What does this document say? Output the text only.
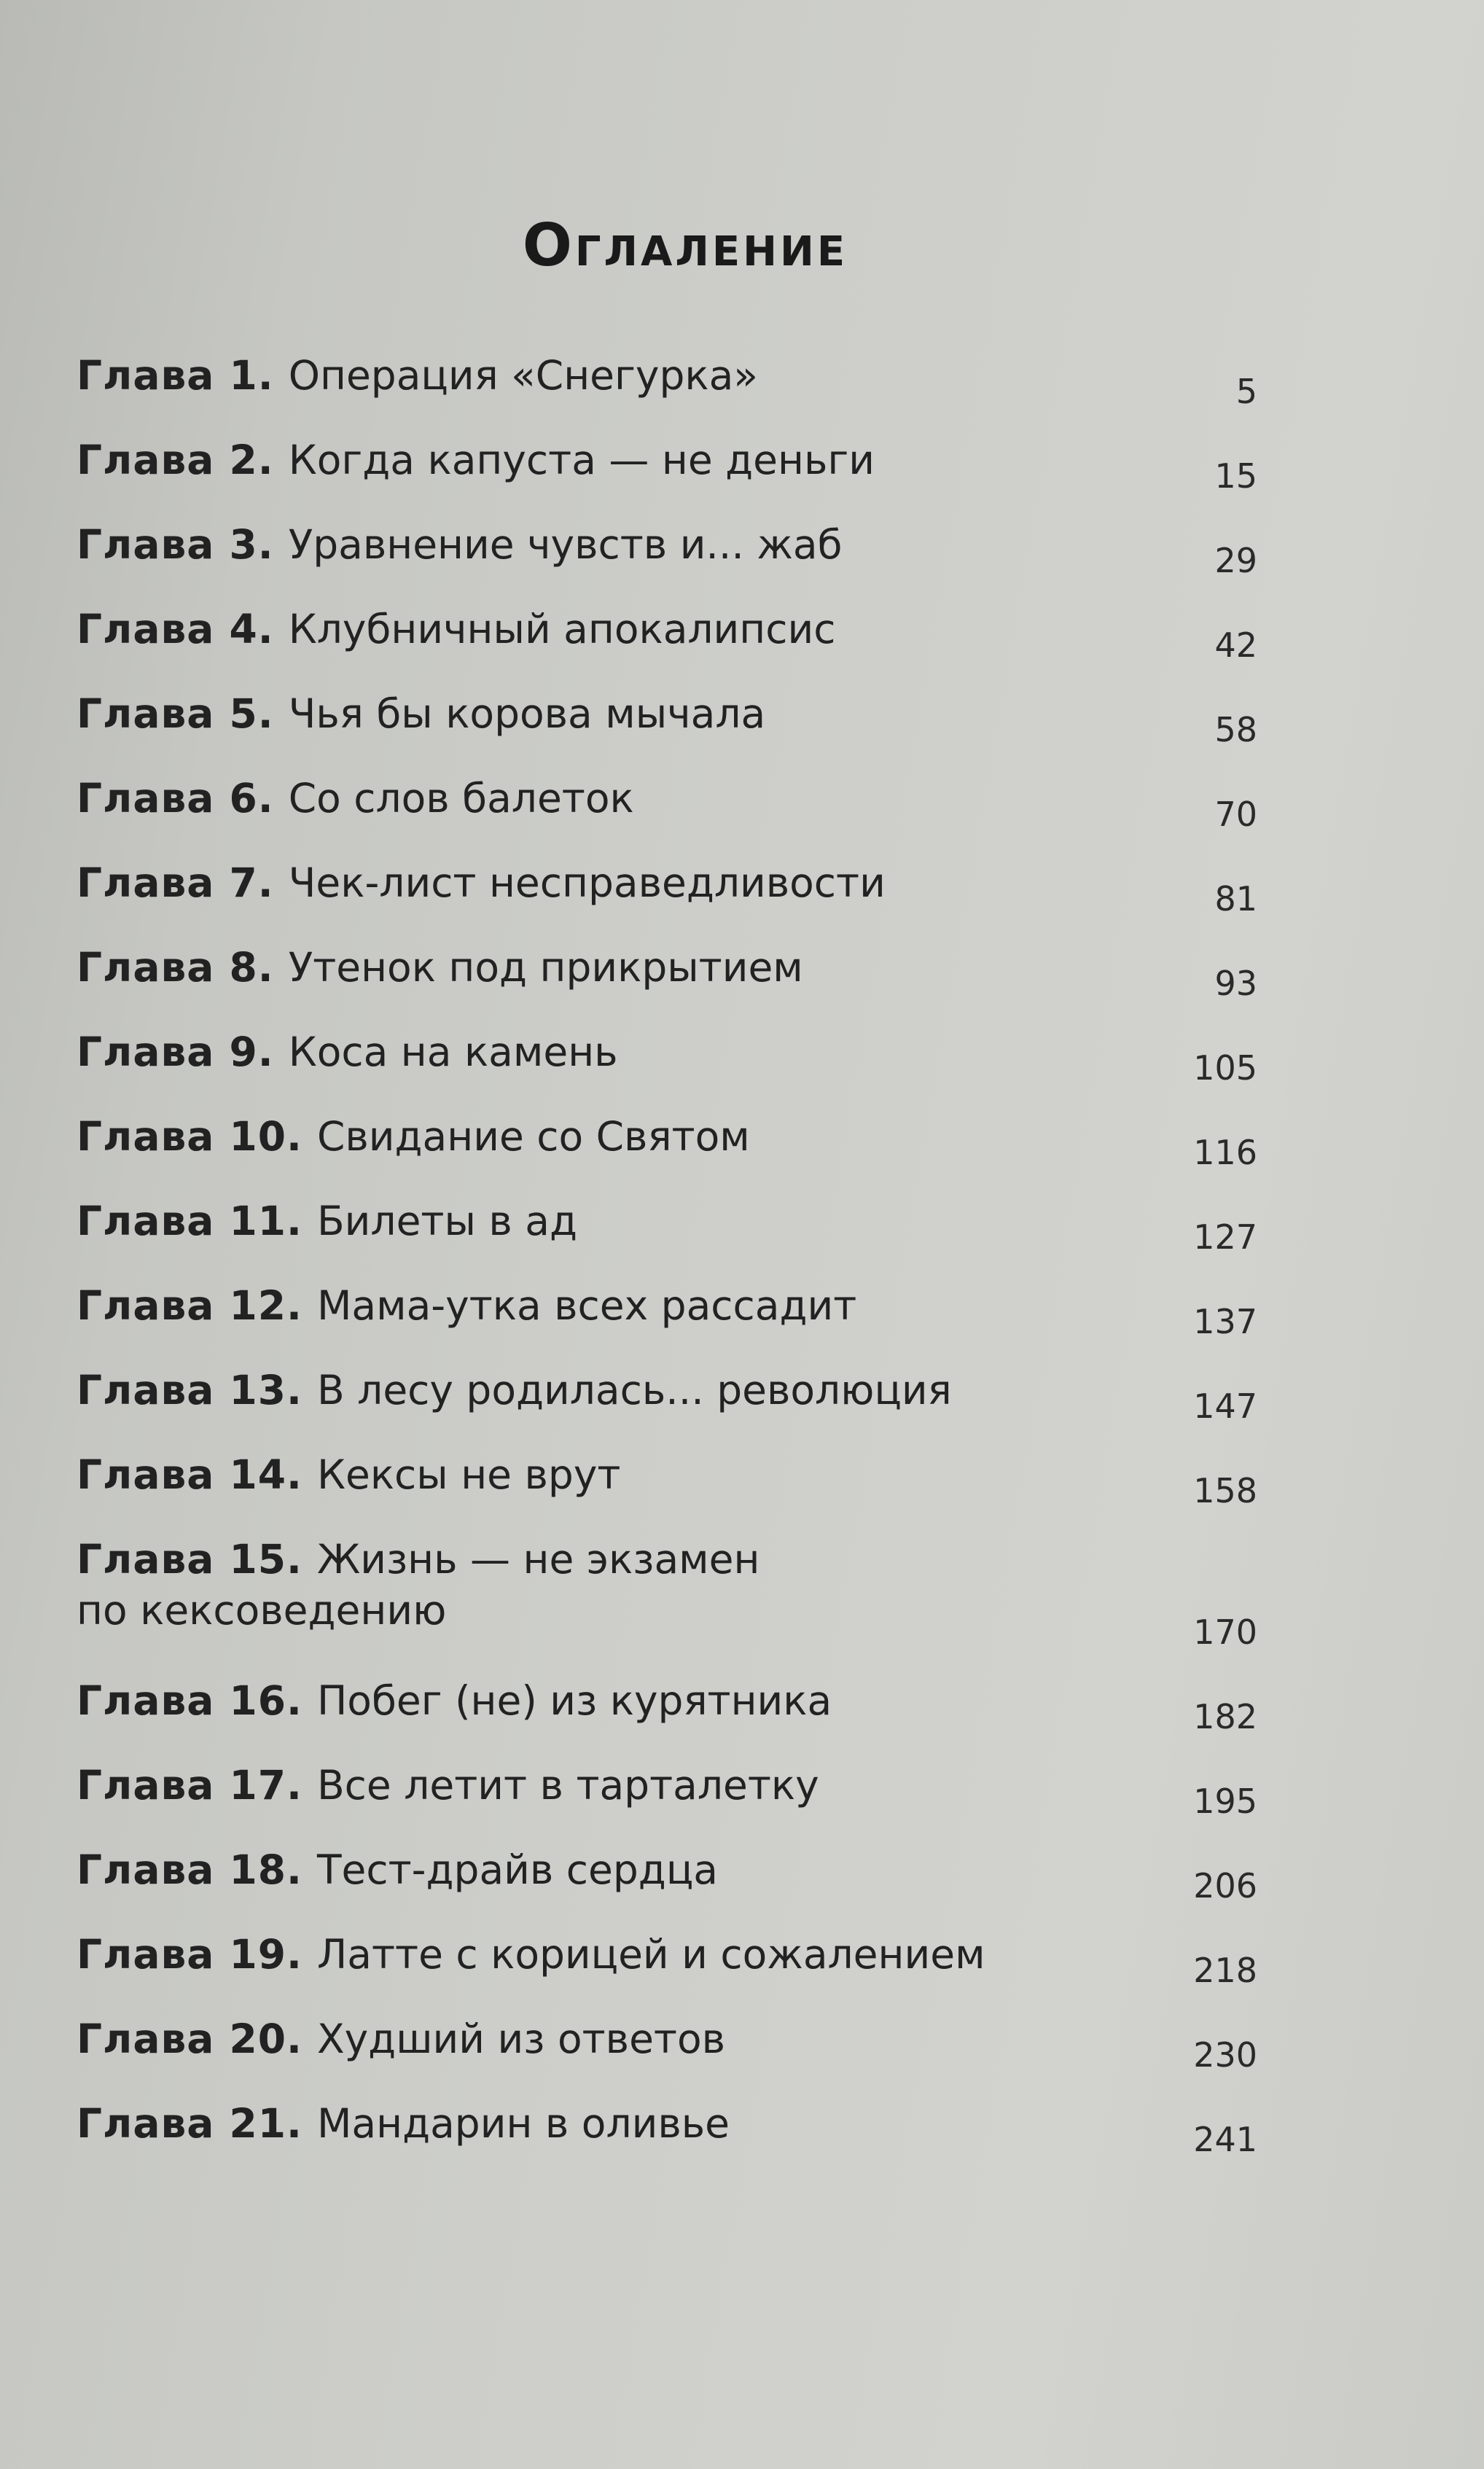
Оглаление
Глава 1. Операция «Снегурка»	5
Глава 2. Когда капуста — не деньги	15
Глава 3. Уравнение чувств и... жаб	29
Глава 4. Клубничный апокалипсис	42
Глава 5. Чья бы корова мычала	58
Глава 6. Со слов балеток	70
Глава 7. Чек-лист несправедливости	81
Глава 8. Утенок под прикрытием	93
Глава 9. Коса на камень	105
Глава 10. Свидание со Святом	116
Глава 11. Билеты в ад	127
Глава 12. Мама-утка всех рассадит	137
Глава 13. В лесу родилась... революция	147
Глава 14. Кексы не врут	158
Глава 15. Жизнь — не экзамен
по кексоведению	170
Глава 16. Побег (не) из курятника	182
Глава 17. Все летит в тарталетку	195
Глава 18. Тест-драйв сердца	206
Глава 19. Латте с корицей и сожалением	218
Глава 20. Худший из ответов	230
Глава 21. Мандарин в оливье	241
